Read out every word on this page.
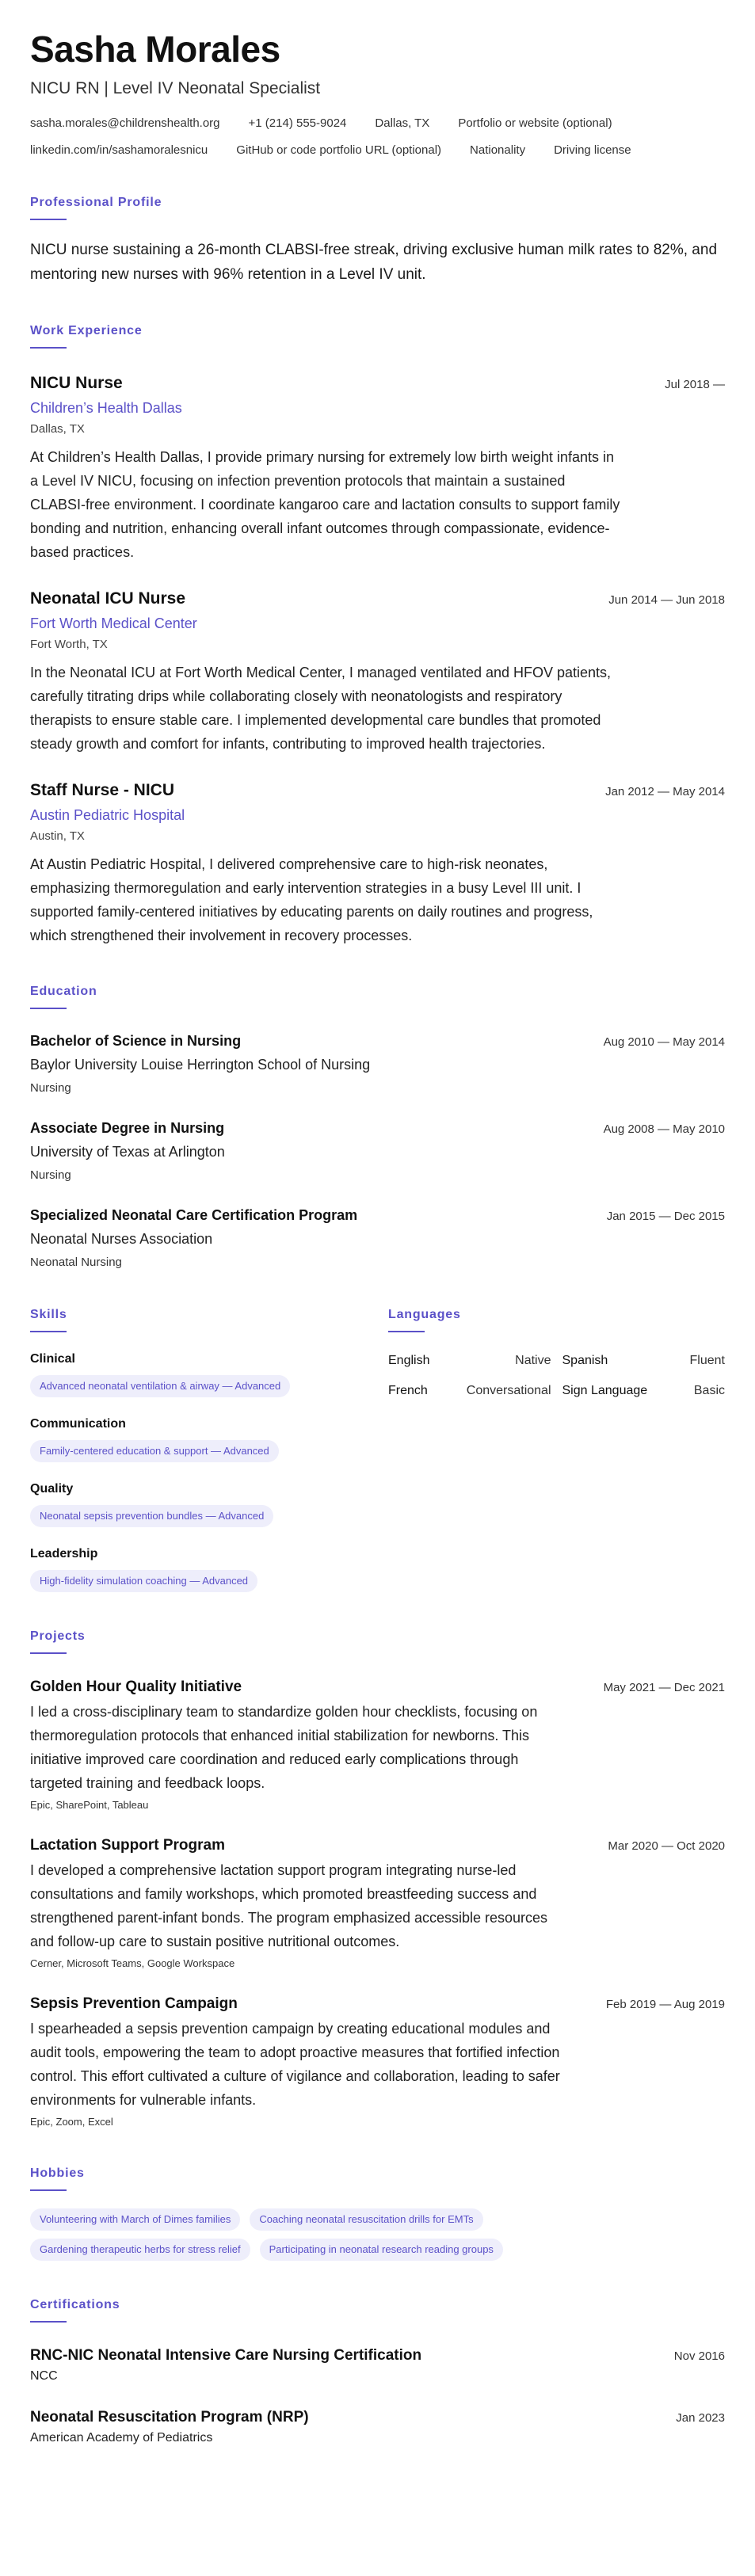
Sasha Morales
NICU RN | Level IV Neonatal Specialist
sasha.morales@childrenshealth.org +1 (214) 555-9024 Dallas, TX Portfolio or website (optional)
linkedin.com/in/sashamoralesnicu GitHub or code portfolio URL (optional) Nationality Driving license
Professional Profile
NICU nurse sustaining a 26-month CLABSI-free streak, driving exclusive human milk rates to 82%, and mentoring new nurses with 96% retention in a Level IV unit.
Work Experience
NICU Nurse	Jul 2018 —
Children’s Health Dallas
Dallas, TX
At Children’s Health Dallas, I provide primary nursing for extremely low birth weight infants in a Level IV NICU, focusing on infection prevention protocols that maintain a sustained CLABSI-free environment. I coordinate kangaroo care and lactation consults to support family bonding and nutrition, enhancing overall infant outcomes through compassionate, evidence-based practices.
Neonatal ICU Nurse	Jun 2014 — Jun 2018
Fort Worth Medical Center
Fort Worth, TX
In the Neonatal ICU at Fort Worth Medical Center, I managed ventilated and HFOV patients, carefully titrating drips while collaborating closely with neonatologists and respiratory therapists to ensure stable care. I implemented developmental care bundles that promoted steady growth and comfort for infants, contributing to improved health trajectories.
Staff Nurse - NICU	Jan 2012 — May 2014
Austin Pediatric Hospital
Austin, TX
At Austin Pediatric Hospital, I delivered comprehensive care to high-risk neonates, emphasizing thermoregulation and early intervention strategies in a busy Level III unit. I supported family-centered initiatives by educating parents on daily routines and progress, which strengthened their involvement in recovery processes.
Education
Bachelor of Science in Nursing	Aug 2010 — May 2014
Baylor University Louise Herrington School of Nursing
Nursing
Associate Degree in Nursing	Aug 2008 — May 2010
University of Texas at Arlington
Nursing
Specialized Neonatal Care Certification Program	Jan 2015 — Dec 2015
Neonatal Nurses Association
Neonatal Nursing
Skills
Clinical
Advanced neonatal ventilation & airway — Advanced
Communication
Family-centered education & support — Advanced
Quality
Neonatal sepsis prevention bundles — Advanced
Leadership
High-fidelity simulation coaching — Advanced
Languages
English	Native Spanish	Fluent
French	Conversational Sign Language	Basic
Projects
Golden Hour Quality Initiative	May 2021 — Dec 2021
I led a cross-disciplinary team to standardize golden hour checklists, focusing on thermoregulation protocols that enhanced initial stabilization for newborns. This initiative improved care coordination and reduced early complications through targeted training and feedback loops.
Epic, SharePoint, Tableau
Lactation Support Program	Mar 2020 — Oct 2020
I developed a comprehensive lactation support program integrating nurse-led consultations and family workshops, which promoted breastfeeding success and strengthened parent-infant bonds. The program emphasized accessible resources and follow-up care to sustain positive nutritional outcomes.
Cerner, Microsoft Teams, Google Workspace
Sepsis Prevention Campaign	Feb 2019 — Aug 2019
I spearheaded a sepsis prevention campaign by creating educational modules and audit tools, empowering the team to adopt proactive measures that fortified infection control. This effort cultivated a culture of vigilance and collaboration, leading to safer environments for vulnerable infants.
Epic, Zoom, Excel
Hobbies
Volunteering with March of Dimes families	Coaching neonatal resuscitation drills for EMTs
Gardening therapeutic herbs for stress relief	Participating in neonatal research reading groups
Certifications
RNC-NIC Neonatal Intensive Care Nursing Certification	Nov 2016
NCC
Neonatal Resuscitation Program (NRP)	Jan 2023
American Academy of Pediatrics
